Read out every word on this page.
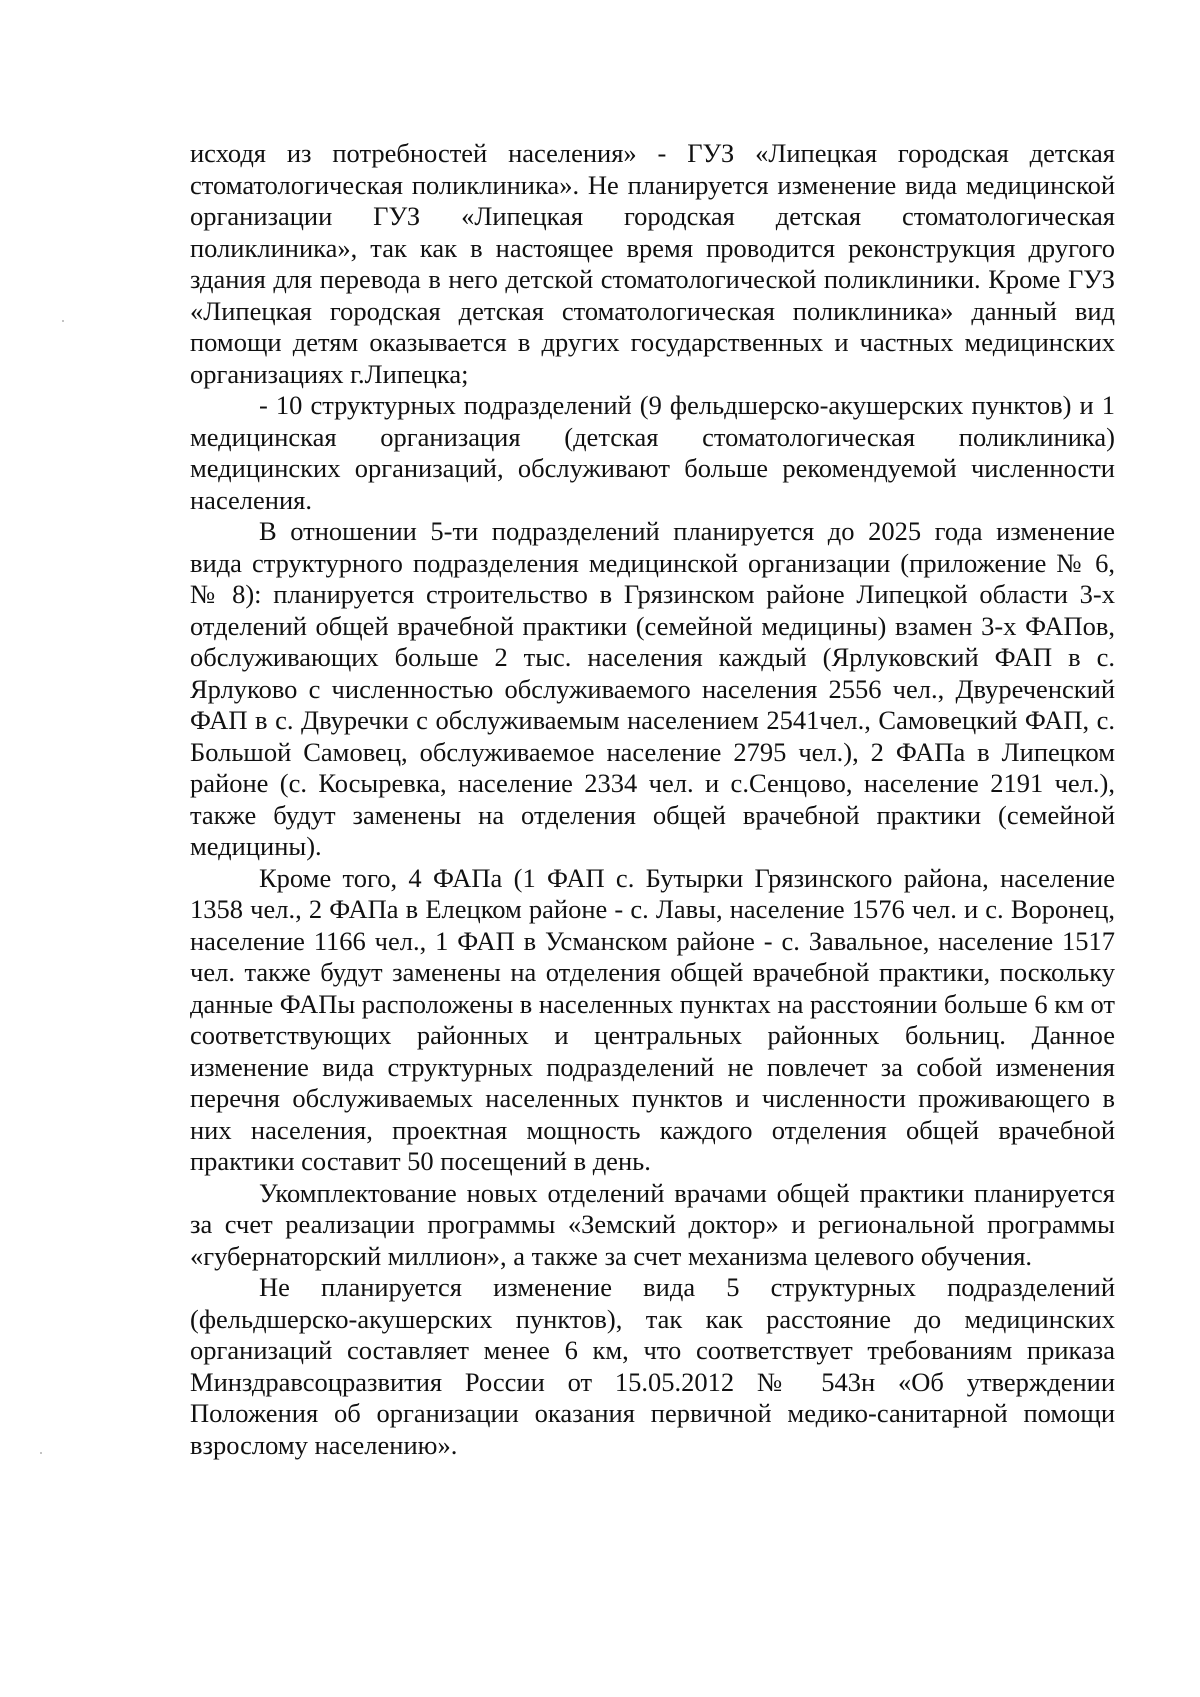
исходя из потребностей населения» - ГУЗ «Липецкая городская детская стоматологическая поликлиника». Не планируется изменение вида медицинской организации ГУЗ «Липецкая городская детская стоматологическая поликлиника», так как в настоящее время проводится реконструкция другого здания для перевода в него детской стоматологической поликлиники. Кроме ГУЗ «Липецкая городская детская стоматологическая поликлиника» данный вид помощи детям оказывается в других государственных и частных медицинских организациях г.Липецка;

- 10 структурных подразделений (9 фельдшерско-акушерских пунктов) и 1 медицинская организация (детская стоматологическая поликлиника) медицинских организаций, обслуживают больше рекомендуемой численности населения.

В отношении 5-ти подразделений планируется до 2025 года изменение вида структурного подразделения медицинской организации (приложение № 6, № 8): планируется строительство в Грязинском районе Липецкой области 3-х отделений общей врачебной практики (семейной медицины) взамен 3-х ФАПов, обслуживающих больше 2 тыс. населения каждый (Ярлуковский ФАП в с. Ярлуково с численностью обслуживаемого населения 2556 чел., Двуреченский ФАП в с. Двуречки с обслуживаемым населением 2541чел., Самовецкий ФАП, с. Большой Самовец, обслуживаемое население 2795 чел.), 2 ФАПа в Липецком районе (с. Косыревка, население 2334 чел. и с.Сенцово, население 2191 чел.), также будут заменены на отделения общей врачебной практики (семейной медицины).

Кроме того, 4 ФАПа (1 ФАП с. Бутырки Грязинского района, население 1358 чел., 2 ФАПа в Елецком районе - с. Лавы, население 1576 чел. и с. Воронец, население 1166 чел., 1 ФАП в Усманском районе - с. Завальное, население 1517 чел. также будут заменены на отделения общей врачебной практики, поскольку данные ФАПы расположены в населенных пунктах на расстоянии больше 6 км от соответствующих районных и центральных районных больниц. Данное изменение вида структурных подразделений не повлечет за собой изменения перечня обслуживаемых населенных пунктов и численности проживающего в них населения, проектная мощность каждого отделения общей врачебной практики составит 50 посещений в день.

Укомплектование новых отделений врачами общей практики планируется за счет реализации программы «Земский доктор» и региональной программы «губернаторский миллион», а также за счет механизма целевого обучения.

Не планируется изменение вида 5 структурных подразделений (фельдшерско-акушерских пунктов), так как расстояние до медицинских организаций составляет менее 6 км, что соответствует требованиям приказа Минздравсоцразвития России от 15.05.2012 № 543н «Об утверждении Положения об организации оказания первичной медико-санитарной помощи взрослому населению».
